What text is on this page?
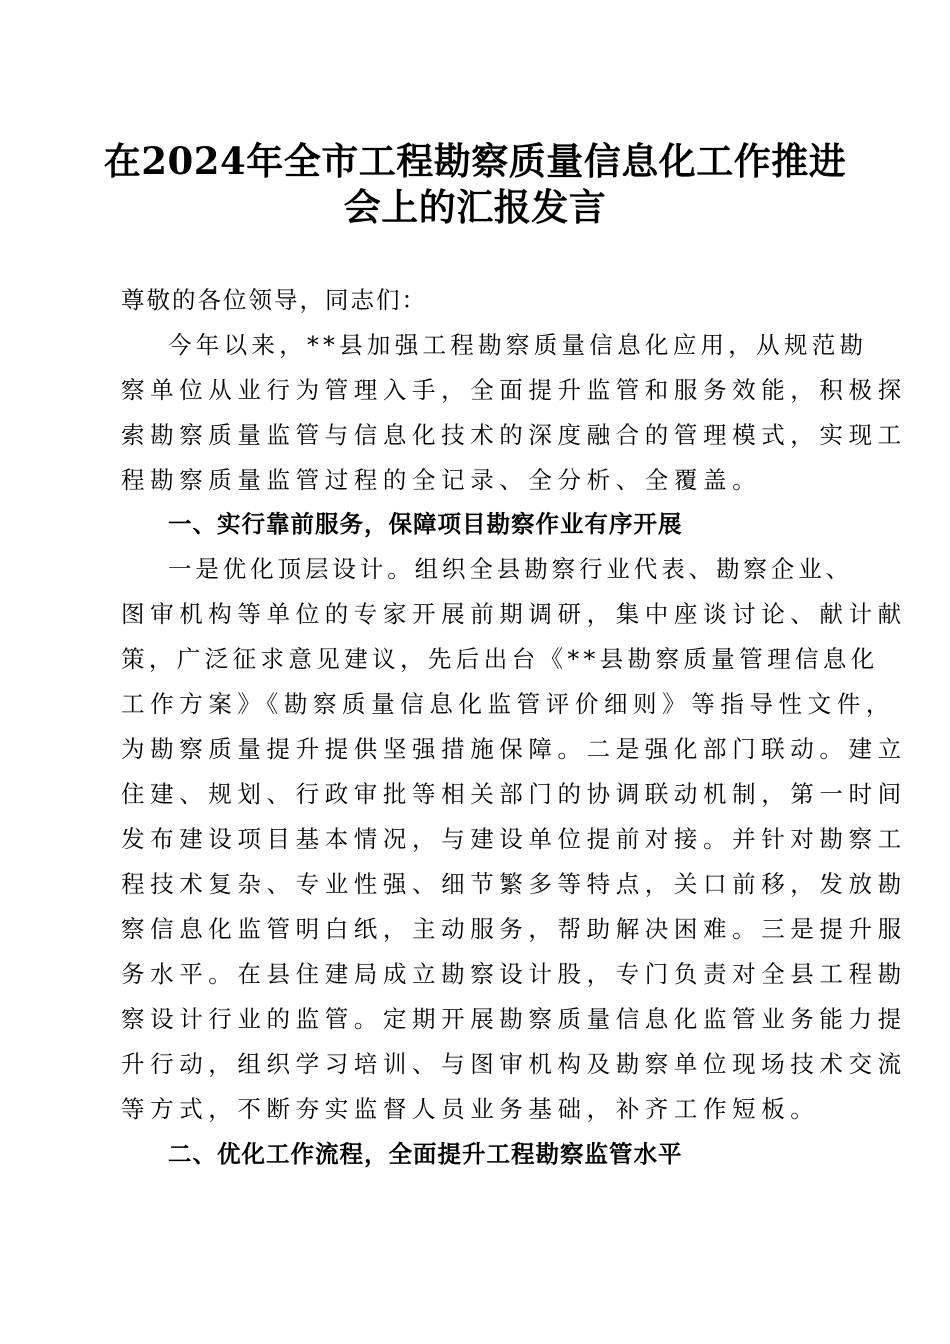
在2024年全市工程勘察质量信息化工作推进
会上的汇报发言
尊敬的各位领导，同志们：
今年以来，**县加强工程勘察质量信息化应用，从规范勘
察单位从业行为管理入手，全面提升监管和服务效能，积极探
索勘察质量监管与信息化技术的深度融合的管理模式，实现工
程勘察质量监管过程的全记录、全分析、全覆盖。
一、实行靠前服务，保障项目勘察作业有序开展
一是优化顶层设计。组织全县勘察行业代表、勘察企业、
图审机构等单位的专家开展前期调研，集中座谈讨论、献计献
策，广泛征求意见建议，先后出台《**县勘察质量管理信息化
工作方案》《勘察质量信息化监管评价细则》等指导性文件，
为勘察质量提升提供坚强措施保障。二是强化部门联动。建立
住建、规划、行政审批等相关部门的协调联动机制，第一时间
发布建设项目基本情况，与建设单位提前对接。并针对勘察工
程技术复杂、专业性强、细节繁多等特点，关口前移，发放勘
察信息化监管明白纸，主动服务，帮助解决困难。三是提升服
务水平。在县住建局成立勘察设计股，专门负责对全县工程勘
察设计行业的监管。定期开展勘察质量信息化监管业务能力提
升行动，组织学习培训、与图审机构及勘察单位现场技术交流
等方式，不断夯实监督人员业务基础，补齐工作短板。
二、优化工作流程，全面提升工程勘察监管水平
